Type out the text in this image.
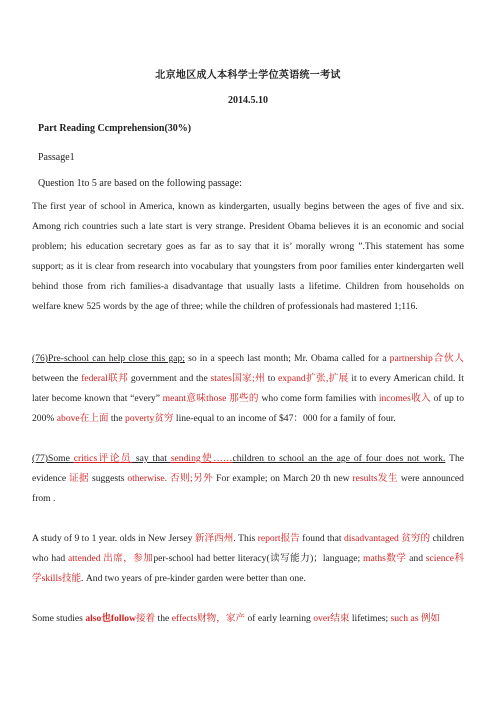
北京地区成人本科学士学位英语统一考试
2014.5.10
Part Reading Ccmprehension(30%)
Passage1
Question 1to 5 are based on the following passage:
The first year of school in America, known as kindergarten, usually begins between the ages of five and six. Among rich countries such a late start is very strange. President Obama believes it is an economic and social problem; his education secretary goes as far as to say that it is’ morally wrong ”.This statement has some support; as it is clear from research into vocabulary that youngsters from poor families enter kindergarten well behind those from rich families-a disadvantage that usually lasts a lifetime. Children from households on welfare knew 525 words by the age of three; while the children of professionals had mastered 1;116.
(76)Pre-school can help close this gap; so in a speech last month; Mr. Obama called for a partnership合伙人 between the federal联邦 government and the states国家;州 to expand扩张,扩展 it to every American child. It later become known that “every” meant意味those 那些的 who come form families with incomes收入 of up to 200% above在上面 the poverty贫穷 line-equal to an income of $47：000 for a family of four.
(77)Some critics评论员 say that sending使……children to school an the age of four does not work. The evidence 证据 suggests otherwise. 否则;另外 For example; on March 20 th new results发生 were announced from .
A study of 9 to 1 year. olds in New Jersey 新泽西州. This report报告 found that disadvantaged 贫穷的 children who had attended 出席，参加per-school had better literacy(读写能力)；language; maths数学 and science科学skills技能. And two years of pre-kinder garden were better than one.
Some studies also也follow接着 the effects财物，家产 of early learning over结束 lifetimes; such as 例如
